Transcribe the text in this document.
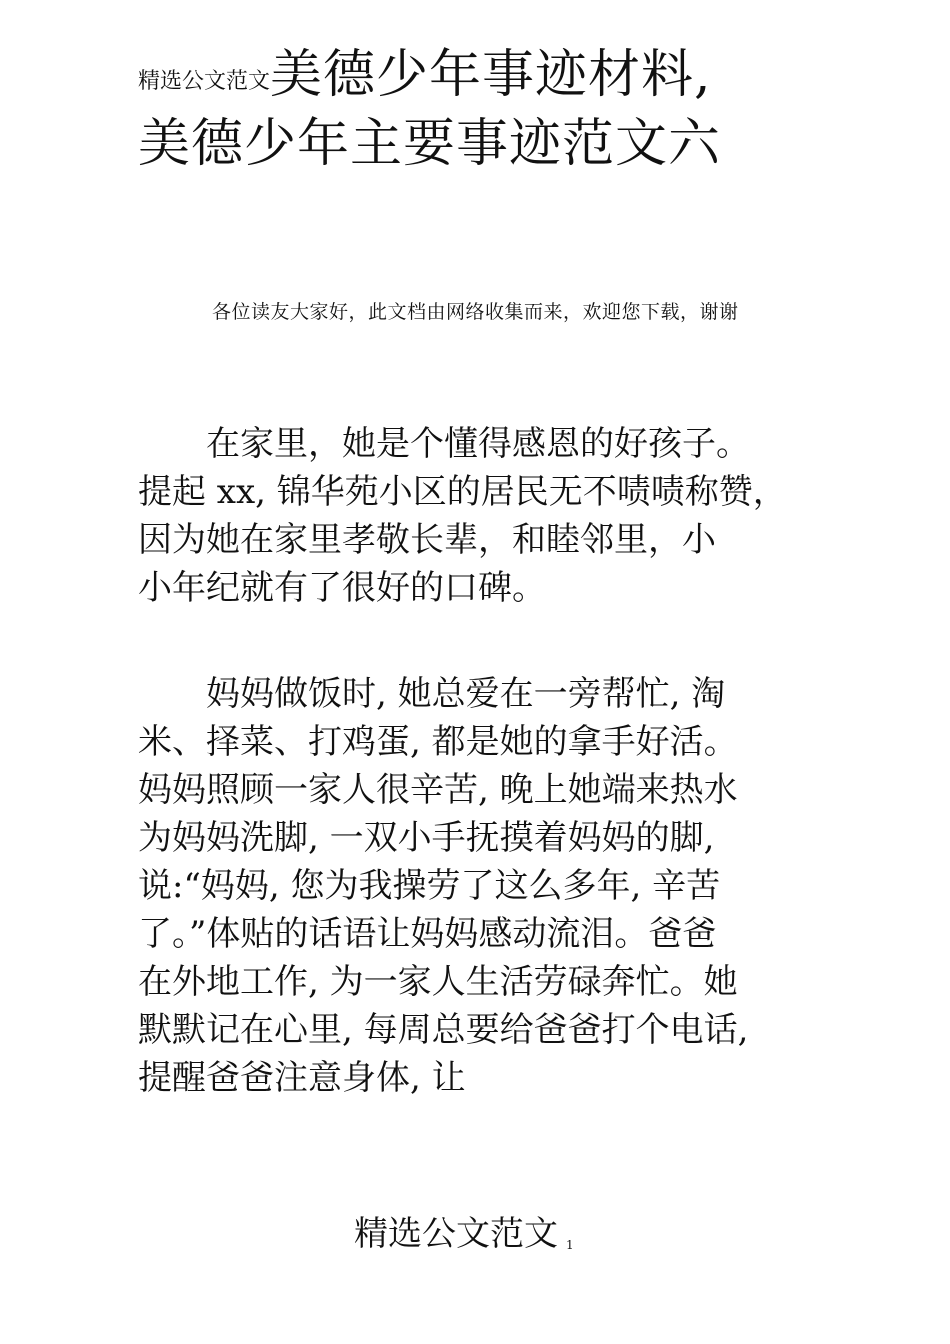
精选公文范文美德少年事迹材料,
美德少年主要事迹范文六
各位读友大家好，此文档由网络收集而来，欢迎您下载，谢谢
　　在家里，她是个懂得感恩的好孩子。
提起 xx, 锦华苑小区的居民无不啧啧称赞，
因为她在家里孝敬长辈，和睦邻里，小
小年纪就有了很好的口碑。
　　妈妈做饭时, 她总爱在一旁帮忙, 淘
米、择菜、打鸡蛋, 都是她的拿手好活。
妈妈照顾一家人很辛苦, 晚上她端来热水
为妈妈洗脚, 一双小手抚摸着妈妈的脚,
说:“妈妈, 您为我操劳了这么多年, 辛苦
了。”体贴的话语让妈妈感动流泪。爸爸
在外地工作, 为一家人生活劳碌奔忙。她
默默记在心里, 每周总要给爸爸打个电话,
提醒爸爸注意身体, 让
精选公文范文 1
